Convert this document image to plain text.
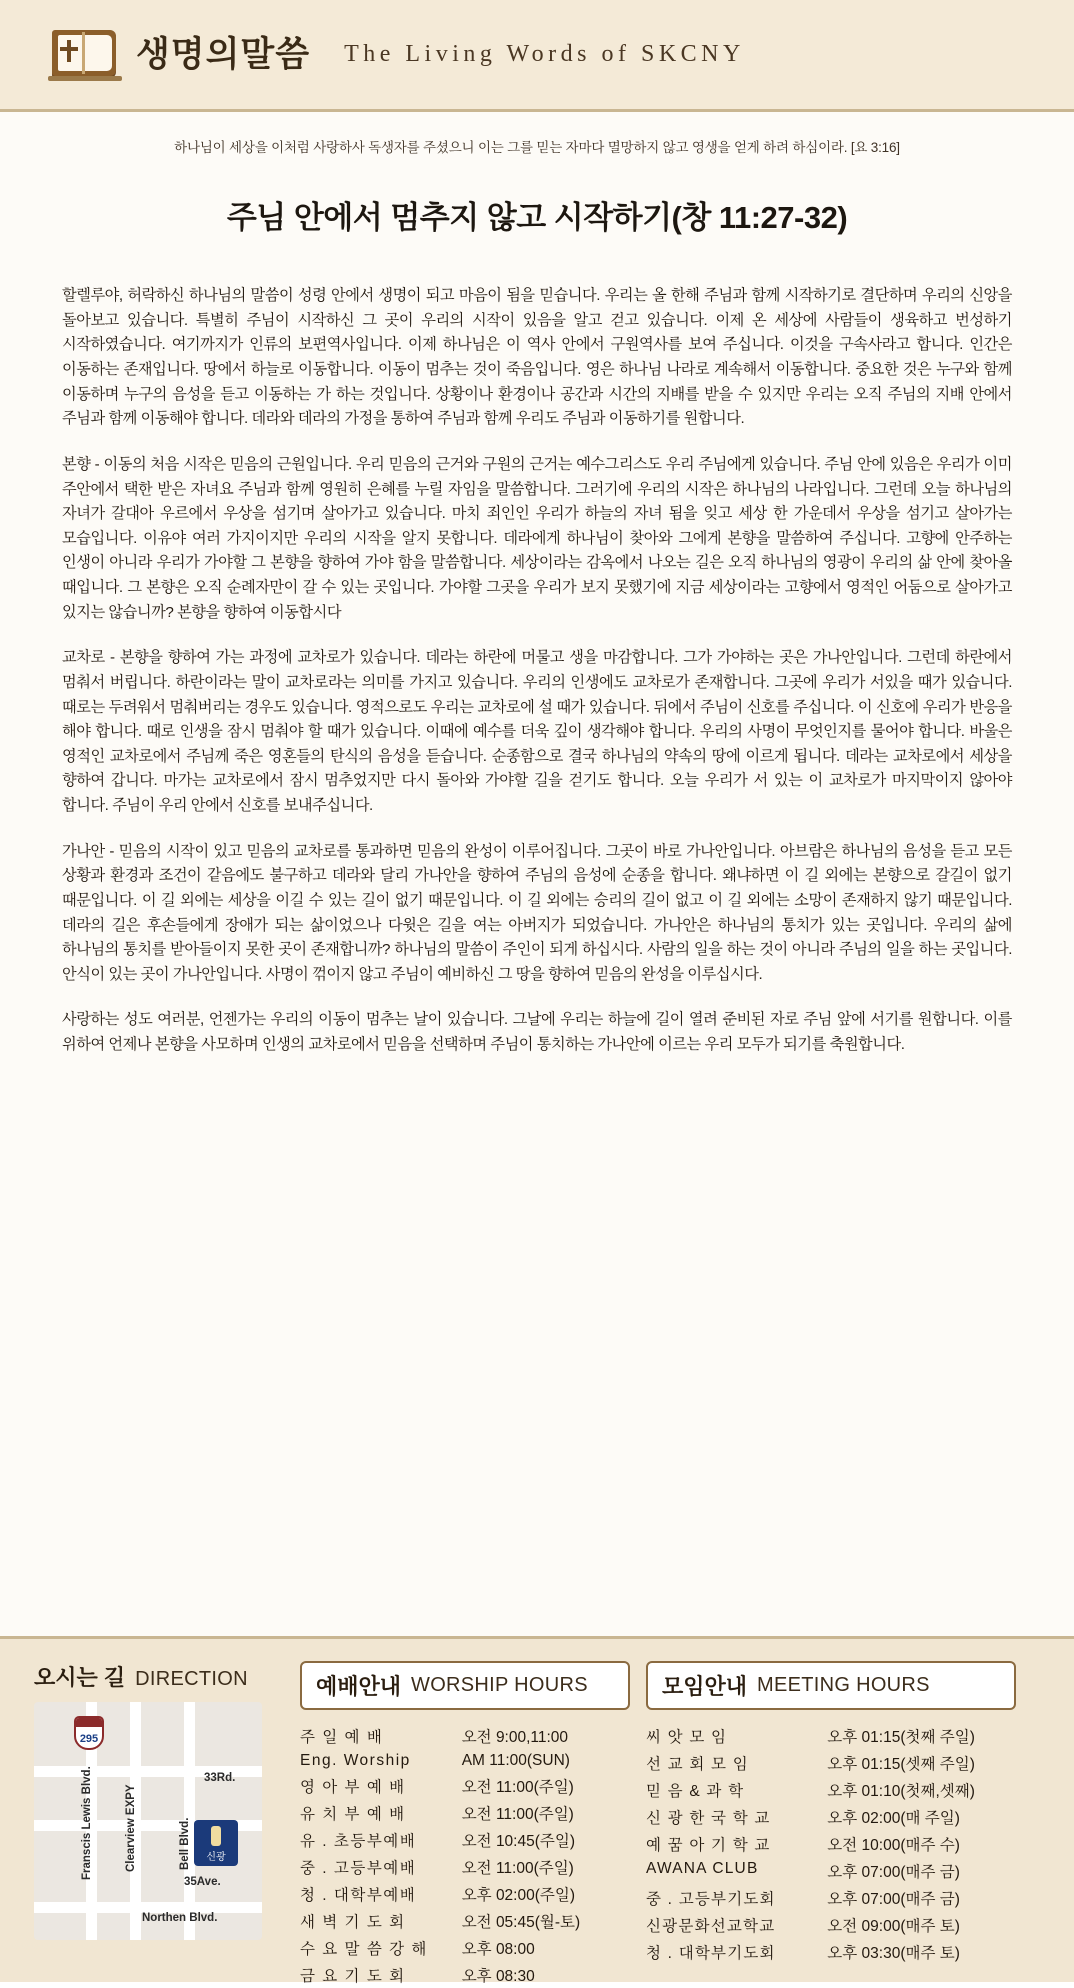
생명의말씀 The Living Words of SKCNY
하나님이 세상을 이처럼 사랑하사 독생자를 주셨으니 이는 그를 믿는 자마다 멸망하지 않고 영생을 얻게 하려 하심이라. [요 3:16]
주님 안에서 멈추지 않고 시작하기(창 11:27-32)

할렐루야, 허락하신 하나님의 말씀이 성령 안에서 생명이 되고 마음이 됨을 믿습니다. 우리는 올 한해 주님과 함께 시작하기로 결단하며 우리의 신앙을 돌아보고 있습니다. 특별히 주님이 시작하신 그 곳이 우리의 시작이 있음을 알고 걷고 있습니다. 이제 온 세상에 사람들이 생육하고 번성하기 시작하였습니다. 여기까지가 인류의 보편역사입니다. 이제 하나님은 이 역사 안에서 구원역사를 보여 주십니다. 이것을 구속사라고 합니다. 인간은 이동하는 존재입니다. 땅에서 하늘로 이동합니다. 이동이 멈추는 것이 죽음입니다. 영은 하나님 나라로 계속해서 이동합니다. 중요한 것은 누구와 함께 이동하며 누구의 음성을 듣고 이동하는 가 하는 것입니다. 상황이나 환경이나 공간과 시간의 지배를 받을 수 있지만 우리는 오직 주님의 지배 안에서 주님과 함께 이동해야 합니다. 데라와 데라의 가정을 통하여 주님과 함께 우리도 주님과 이동하기를 원합니다.

본향 - 이동의 처음 시작은 믿음의 근원입니다. 우리 믿음의 근거와 구원의 근거는 예수그리스도 우리 주님에게 있습니다. 주님 안에 있음은 우리가 이미 주안에서 택한 받은 자녀요 주님과 함께 영원히 은혜를 누릴 자임을 말씀합니다. 그러기에 우리의 시작은 하나님의 나라입니다. 그런데 오늘 하나님의 자녀가 갈대아 우르에서 우상을 섬기며 살아가고 있습니다. 마치 죄인인 우리가 하늘의 자녀 됨을 잊고 세상 한 가운데서 우상을 섬기고 살아가는 모습입니다. 이유야 여러 가지이지만 우리의 시작을 알지 못합니다. 데라에게 하나님이 찾아와 그에게 본향을 말씀하여 주십니다. 고향에 안주하는 인생이 아니라 우리가 가야할 그 본향을 향하여 가야 함을 말씀합니다. 세상이라는 감옥에서 나오는 길은 오직 하나님의 영광이 우리의 삶 안에 찾아올 때입니다. 그 본향은 오직 순례자만이 갈 수 있는 곳입니다. 가야할 그곳을 우리가 보지 못했기에 지금 세상이라는 고향에서 영적인 어둠으로 살아가고 있지는 않습니까? 본향을 향하여 이동합시다

교차로 - 본향을 향하여 가는 과정에 교차로가 있습니다. 데라는 하란에 머물고 생을 마감합니다. 그가 가야하는 곳은 가나안입니다. 그런데 하란에서 멈춰서 버립니다. 하란이라는 말이 교차로라는 의미를 가지고 있습니다. 우리의 인생에도 교차로가 존재합니다. 그곳에 우리가 서있을 때가 있습니다. 때로는 두려워서 멈춰버리는 경우도 있습니다. 영적으로도 우리는 교차로에 설 때가 있습니다. 뒤에서 주님이 신호를 주십니다. 이 신호에 우리가 반응을 해야 합니다. 때로 인생을 잠시 멈춰야 할 때가 있습니다. 이때에 예수를 더욱 깊이 생각해야 합니다. 우리의 사명이 무엇인지를 물어야 합니다. 바울은 영적인 교차로에서 주님께 죽은 영혼들의 탄식의 음성을 듣습니다. 순종함으로 결국 하나님의 약속의 땅에 이르게 됩니다. 데라는 교차로에서 세상을 향하여 갑니다. 마가는 교차로에서 잠시 멈추었지만 다시 돌아와 가야할 길을 걷기도 합니다. 오늘 우리가 서 있는 이 교차로가 마지막이지 않아야 합니다. 주님이 우리 안에서 신호를 보내주십니다.

가나안 - 믿음의 시작이 있고 믿음의 교차로를 통과하면 믿음의 완성이 이루어집니다. 그곳이 바로 가나안입니다. 아브람은 하나님의 음성을 듣고 모든 상황과 환경과 조건이 같음에도 불구하고 데라와 달리 가나안을 향하여 주님의 음성에 순종을 합니다. 왜냐하면 이 길 외에는 본향으로 갈길이 없기 때문입니다. 이 길 외에는 세상을 이길 수 있는 길이 없기 때문입니다. 이 길 외에는 승리의 길이 없고 이 길 외에는 소망이 존재하지 않기 때문입니다. 데라의 길은 후손들에게 장애가 되는 삶이었으나 다윗은 길을 여는 아버지가 되었습니다. 가나안은 하나님의 통치가 있는 곳입니다. 우리의 삶에 하나님의 통치를 받아들이지 못한 곳이 존재합니까? 하나님의 말씀이 주인이 되게 하십시다. 사람의 일을 하는 것이 아니라 주님의 일을 하는 곳입니다. 안식이 있는 곳이 가나안입니다. 사명이 꺾이지 않고 주님이 예비하신 그 땅을 향하여 믿음의 완성을 이루십시다.

사랑하는 성도 여러분, 언젠가는 우리의 이동이 멈추는 날이 있습니다. 그날에 우리는 하늘에 길이 열려 준비된 자로 주님 앞에 서기를 원합니다. 이를 위하여 언제나 본향을 사모하며 인생의 교차로에서 믿음을 선택하며 주님이 통치하는 가나안에 이르는 우리 모두가 되기를 축원합니다.

오시는 길 DIRECTION
295
Franscis Lewis Blvd.	Clearview EXPY	Bell Blvd.
33Rd.
35Ave.
Northen Blvd.
신광
예배안내 WORSHIP HOURS
주 일 예 배	오전 9:00,11:00
Eng. Worship	AM 11:00(SUN)
영 아 부 예 배	오전 11:00(주일)
유 치 부 예 배	오전 11:00(주일)
유 . 초등부예배	오전 10:45(주일)
중 . 고등부예배	오전 11:00(주일)
청 . 대학부예배	오후 02:00(주일)
새 벽 기 도 회	오전 05:45(월-토)
수 요 말 씀 강 해	오후 08:00
금 요 기 도 회	오후 08:30
모임안내 MEETING HOURS
씨 앗 모 임	오후 01:15(첫째 주일)
선 교 회 모 임	오후 01:15(셋째 주일)
믿 음 & 과 학	오후 01:10(첫째,셋째)
신 광 한 국 학 교	오후 02:00(매 주일)
예 꿈 아 기 학 교	오전 10:00(매주 수)
AWANA CLUB	오후 07:00(매주 금)
중 . 고등부기도회	오후 07:00(매주 금)
신광문화선교학교	오전 09:00(매주 토)
청 . 대학부기도회	오후 03:30(매주 토)
